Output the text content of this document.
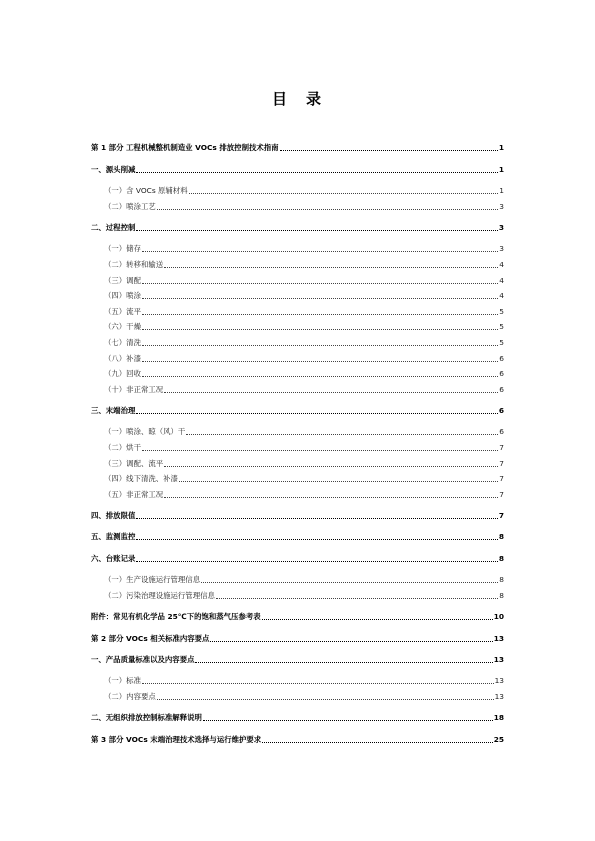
目　录
第 1 部分 工程机械整机制造业 VOCs 排放控制技术指南	1
一、源头削减	1
（一）含 VOCs 原辅材料	1
（二）喷涂工艺	3
二、过程控制	3
（一）储存	3
（二）转移和输送	4
（三）调配	4
（四）喷涂	4
（五）流平	5
（六）干燥	5
（七）清洗	5
（八）补漆	6
（九）回收	6
（十）非正常工况	6
三、末端治理	6
（一）喷涂、晾（风）干	6
（二）烘干	7
（三）调配、流平	7
（四）线下清洗、补漆	7
（五）非正常工况	7
四、排放限值	7
五、监测监控	8
六、台账记录	8
（一）生产设施运行管理信息	8
（二）污染治理设施运行管理信息	8
附件：常见有机化学品 25℃下的饱和蒸气压参考表	10
第 2 部分 VOCs 相关标准内容要点	13
一、产品质量标准以及内容要点	13
（一）标准	13
（二）内容要点	13
二、无组织排放控制标准解释说明	18
第 3 部分 VOCs 末端治理技术选择与运行维护要求	25
